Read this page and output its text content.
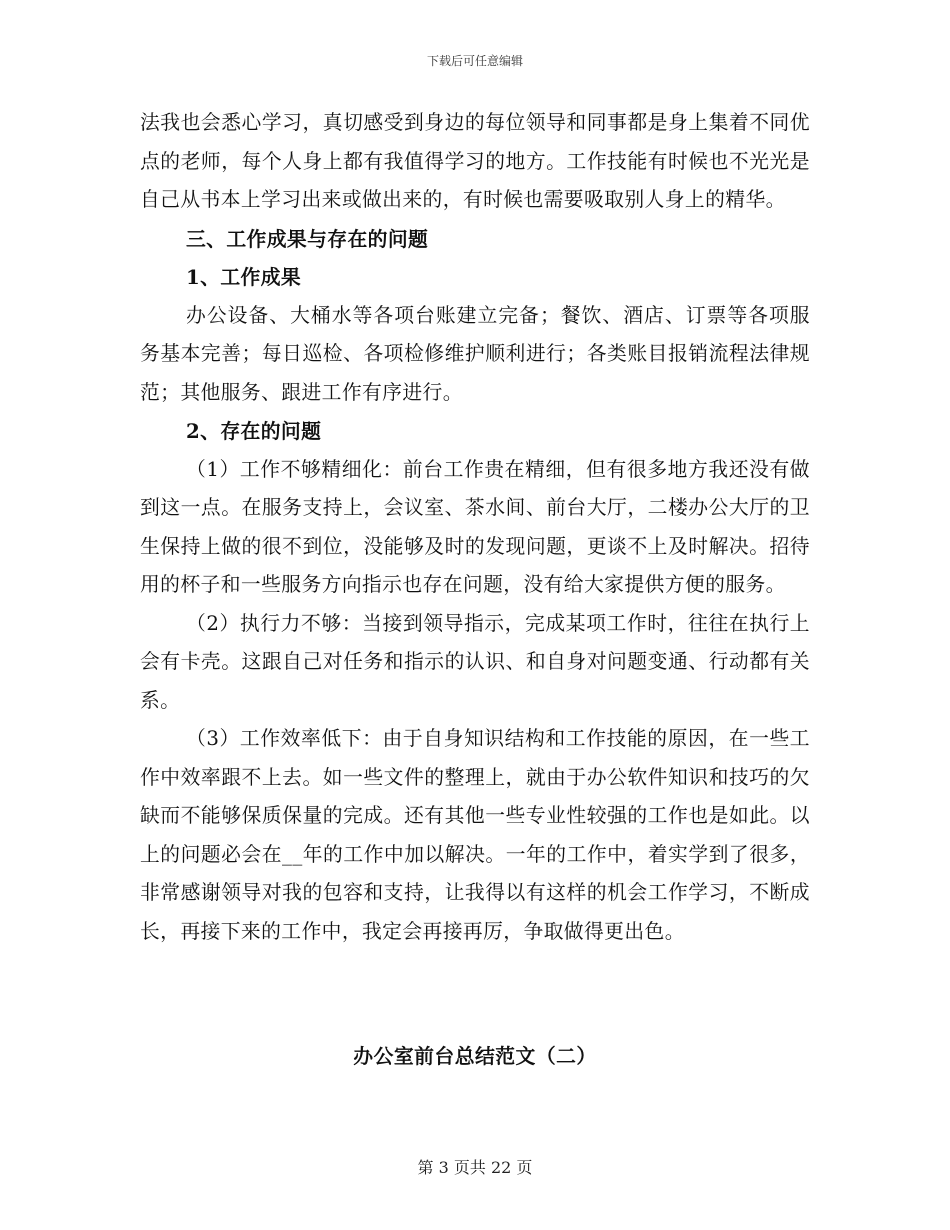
下载后可任意编辑

法我也会悉心学习，真切感受到身边的每位领导和同事都是身上集着不同优点的老师，每个人身上都有我值得学习的地方。工作技能有时候也不光光是自己从书本上学习出来或做出来的，有时候也需要吸取别人身上的精华。

三、工作成果与存在的问题

1、工作成果

办公设备、大桶水等各项台账建立完备；餐饮、酒店、订票等各项服务基本完善；每日巡检、各项检修维护顺利进行；各类账目报销流程法律规范；其他服务、跟进工作有序进行。

2、存在的问题

（1）工作不够精细化：前台工作贵在精细，但有很多地方我还没有做到这一点。在服务支持上，会议室、茶水间、前台大厅，二楼办公大厅的卫生保持上做的很不到位，没能够及时的发现问题，更谈不上及时解决。招待用的杯子和一些服务方向指示也存在问题，没有给大家提供方便的服务。

（2）执行力不够：当接到领导指示，完成某项工作时，往往在执行上会有卡壳。这跟自己对任务和指示的认识、和自身对问题变通、行动都有关系。

（3）工作效率低下：由于自身知识结构和工作技能的原因，在一些工作中效率跟不上去。如一些文件的整理上，就由于办公软件知识和技巧的欠缺而不能够保质保量的完成。还有其他一些专业性较强的工作也是如此。以上的问题必会在__年的工作中加以解决。一年的工作中，着实学到了很多，非常感谢领导对我的包容和支持，让我得以有这样的机会工作学习，不断成长，再接下来的工作中，我定会再接再厉，争取做得更出色。

办公室前台总结范文（二）
第 3 页共 22 页
